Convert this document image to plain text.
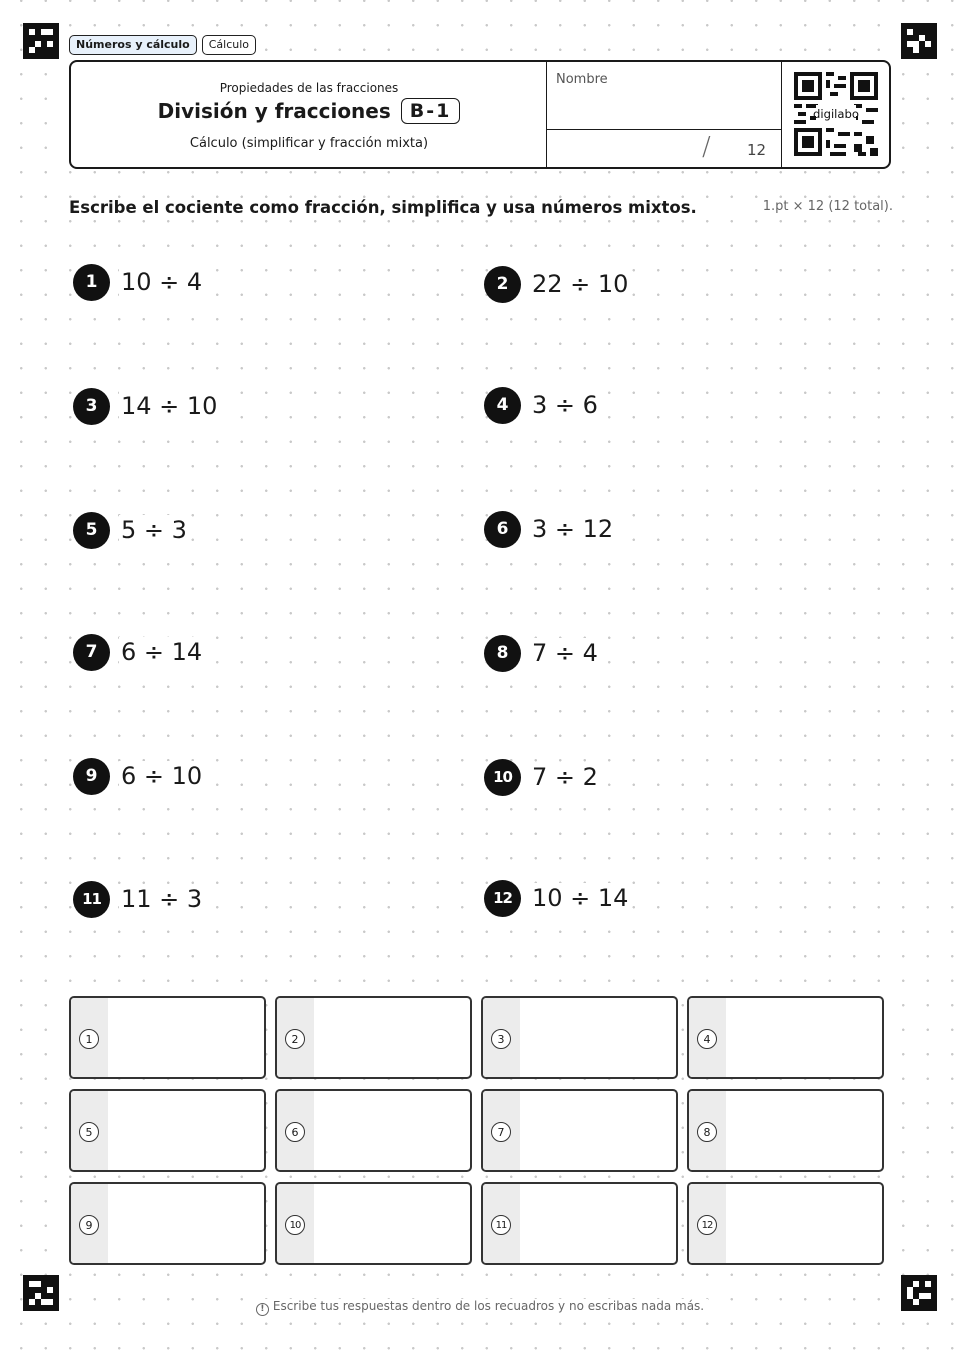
Números y cálculo	Cálculo
Propiedades de las fracciones
División y fracciones	B-1
Cálculo (simplificar y fracción mixta)
Nombre
/ 12
digilabo
Escribe el cociente como fracción, simplifica y usa números mixtos.	1.pt × 12 (12 total).
1 10 ÷ 4	2 22 ÷ 10
3 14 ÷ 10	4 3 ÷ 6
5 5 ÷ 3	6 3 ÷ 12
7 6 ÷ 14	8 7 ÷ 4
9 6 ÷ 10	10 7 ÷ 2
11 11 ÷ 3	12 10 ÷ 14
1	2	3	4
5	6	7	8
9	10	11	12
! Escribe tus respuestas dentro de los recuadros y no escribas nada más.
